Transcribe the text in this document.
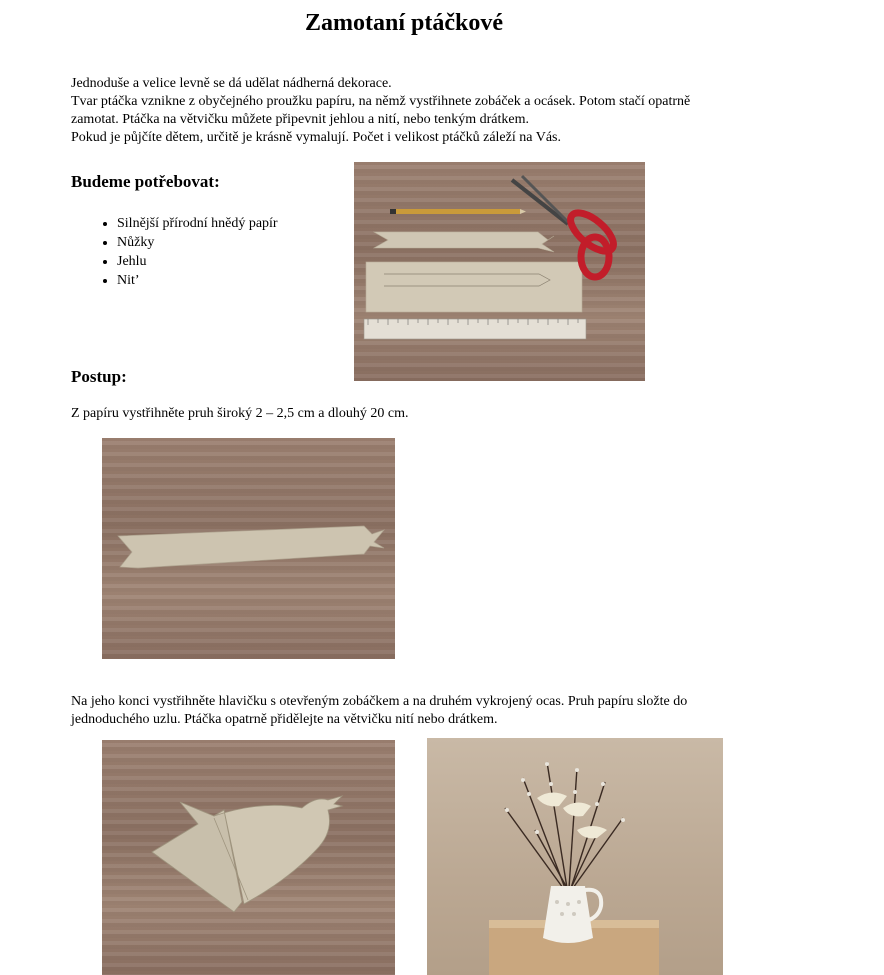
Zamotaní ptáčkové

Jednoduše a velice levně se dá udělat nádherná dekorace.

Tvar ptáčka vznikne z obyčejného proužku papíru, na němž vystřihnete zobáček a ocásek. Potom stačí opatrně zamotat. Ptáčka na větvičku můžete připevnit jehlou a nití, nebo tenkým drátkem.

Pokud je půjčíte dětem, určitě je krásně vymalují. Počet i velikost ptáčků záleží na Vás.

Budeme potřebovat:
• Silnější přírodní hnědý papír
• Nůžky
• Jehlu
• Nit’
Postup:
Z papíru vystřihněte pruh široký 2 – 2,5 cm a dlouhý 20 cm.
Na jeho konci vystřihněte hlavičku s otevřeným zobáčkem a na druhém vykrojený ocas. Pruh papíru složte do jednoduchého uzlu. Ptáčka opatrně přidělejte na větvičku nití nebo drátkem.
